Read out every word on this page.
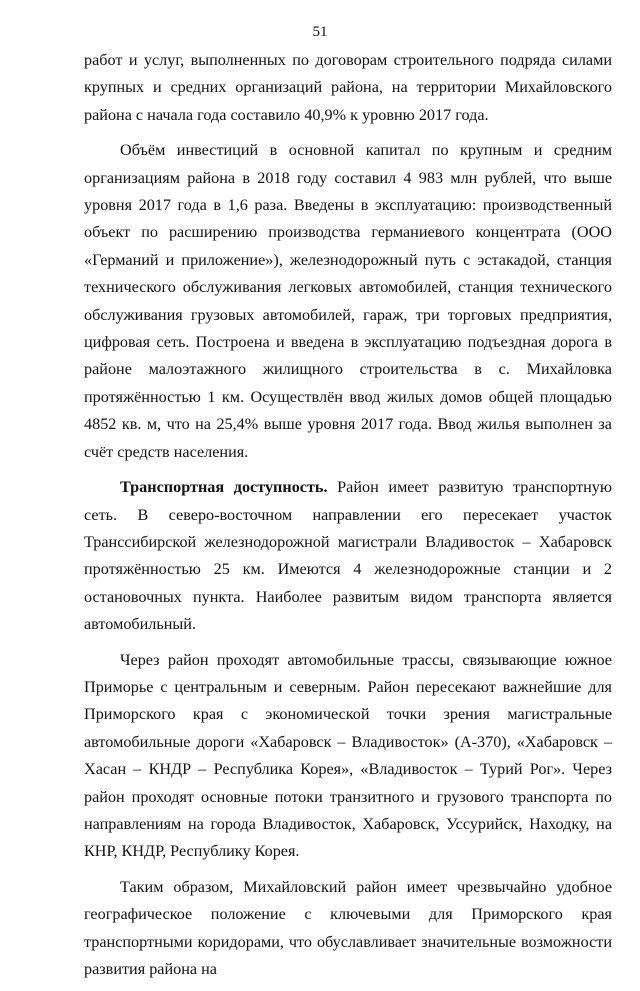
51

работ и услуг, выполненных по договорам строительного подряда силами крупных и средних организаций района, на территории Михайловского района с начала года составило 40,9% к уровню 2017 года.

Объём инвестиций в основной капитал по крупным и средним организациям района в 2018 году составил 4 983 млн рублей, что выше уровня 2017 года в 1,6 раза. Введены в эксплуатацию: производственный объект по расширению производства германиевого концентрата (ООО «Германий и приложение»), железнодорожный путь с эстакадой, станция технического обслуживания легковых автомобилей, станция технического обслуживания грузовых автомобилей, гараж, три торговых предприятия, цифровая сеть. Построена и введена в эксплуатацию подъездная дорога в районе малоэтажного жилищного строительства в с. Михайловка протяжённостью 1 км. Осуществлён ввод жилых домов общей площадью 4852 кв. м, что на 25,4% выше уровня 2017 года. Ввод жилья выполнен за счёт средств населения.

Транспортная доступность. Район имеет развитую транспортную сеть. В северо-восточном направлении его пересекает участок Транссибирской железнодорожной магистрали Владивосток – Хабаровск протяжённостью 25 км. Имеются 4 железнодорожные станции и 2 остановочных пункта. Наиболее развитым видом транспорта является автомобильный.

Через район проходят автомобильные трассы, связывающие южное Приморье с центральным и северным. Район пересекают важнейшие для Приморского края с экономической точки зрения магистральные автомобильные дороги «Хабаровск – Владивосток» (А-370), «Хабаровск – Хасан – КНДР – Республика Корея», «Владивосток – Турий Рог». Через район проходят основные потоки транзитного и грузового транспорта по направлениям на города Владивосток, Хабаровск, Уссурийск, Находку, на КНР, КНДР, Республику Корея.

Таким образом, Михайловский район имеет чрезвычайно удобное географическое положение с ключевыми для Приморского края транспортными коридорами, что обуславливает значительные возможности развития района на
